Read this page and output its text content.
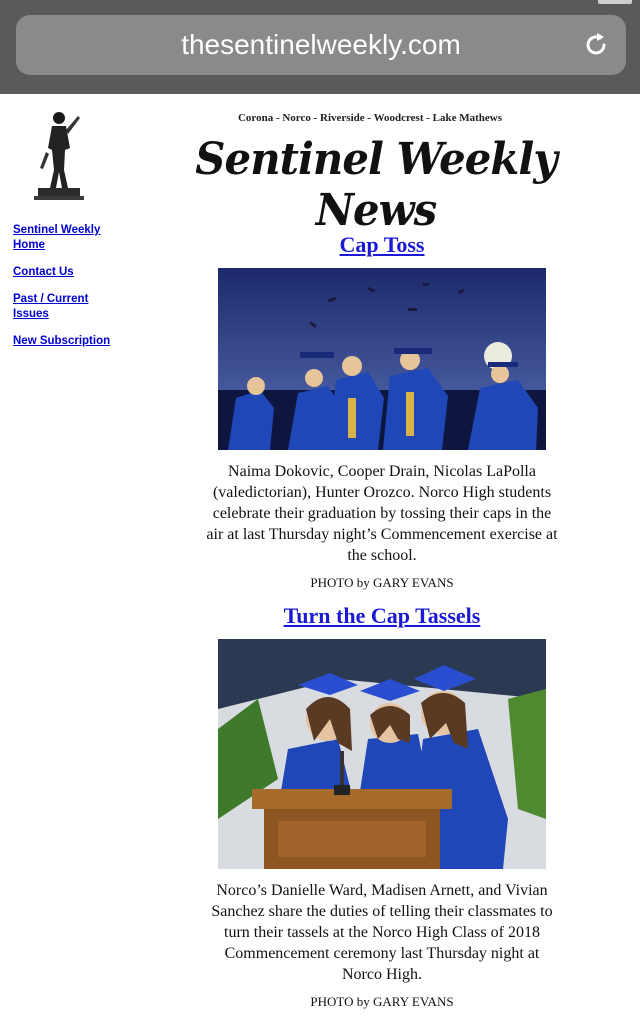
thesentinelweekly.com
Corona - Norco - Riverside - Woodcrest - Lake Mathews
Sentinel Weekly News
Sentinel Weekly Home
Contact Us
Past / Current Issues
New Subscription
Cap Toss
Naima Dokovic, Cooper Drain, Nicolas LaPolla (valedictorian), Hunter Orozco. Norco High students celebrate their graduation by tossing their caps in the air at last Thursday night’s Commencement exercise at the school.
PHOTO by GARY EVANS
Turn the Cap Tassels
Norco’s Danielle Ward, Madisen Arnett, and Vivian Sanchez share the duties of telling their classmates to turn their tassels at the Norco High Class of 2018 Commencement ceremony last Thursday night at Norco High.
PHOTO by GARY EVANS
